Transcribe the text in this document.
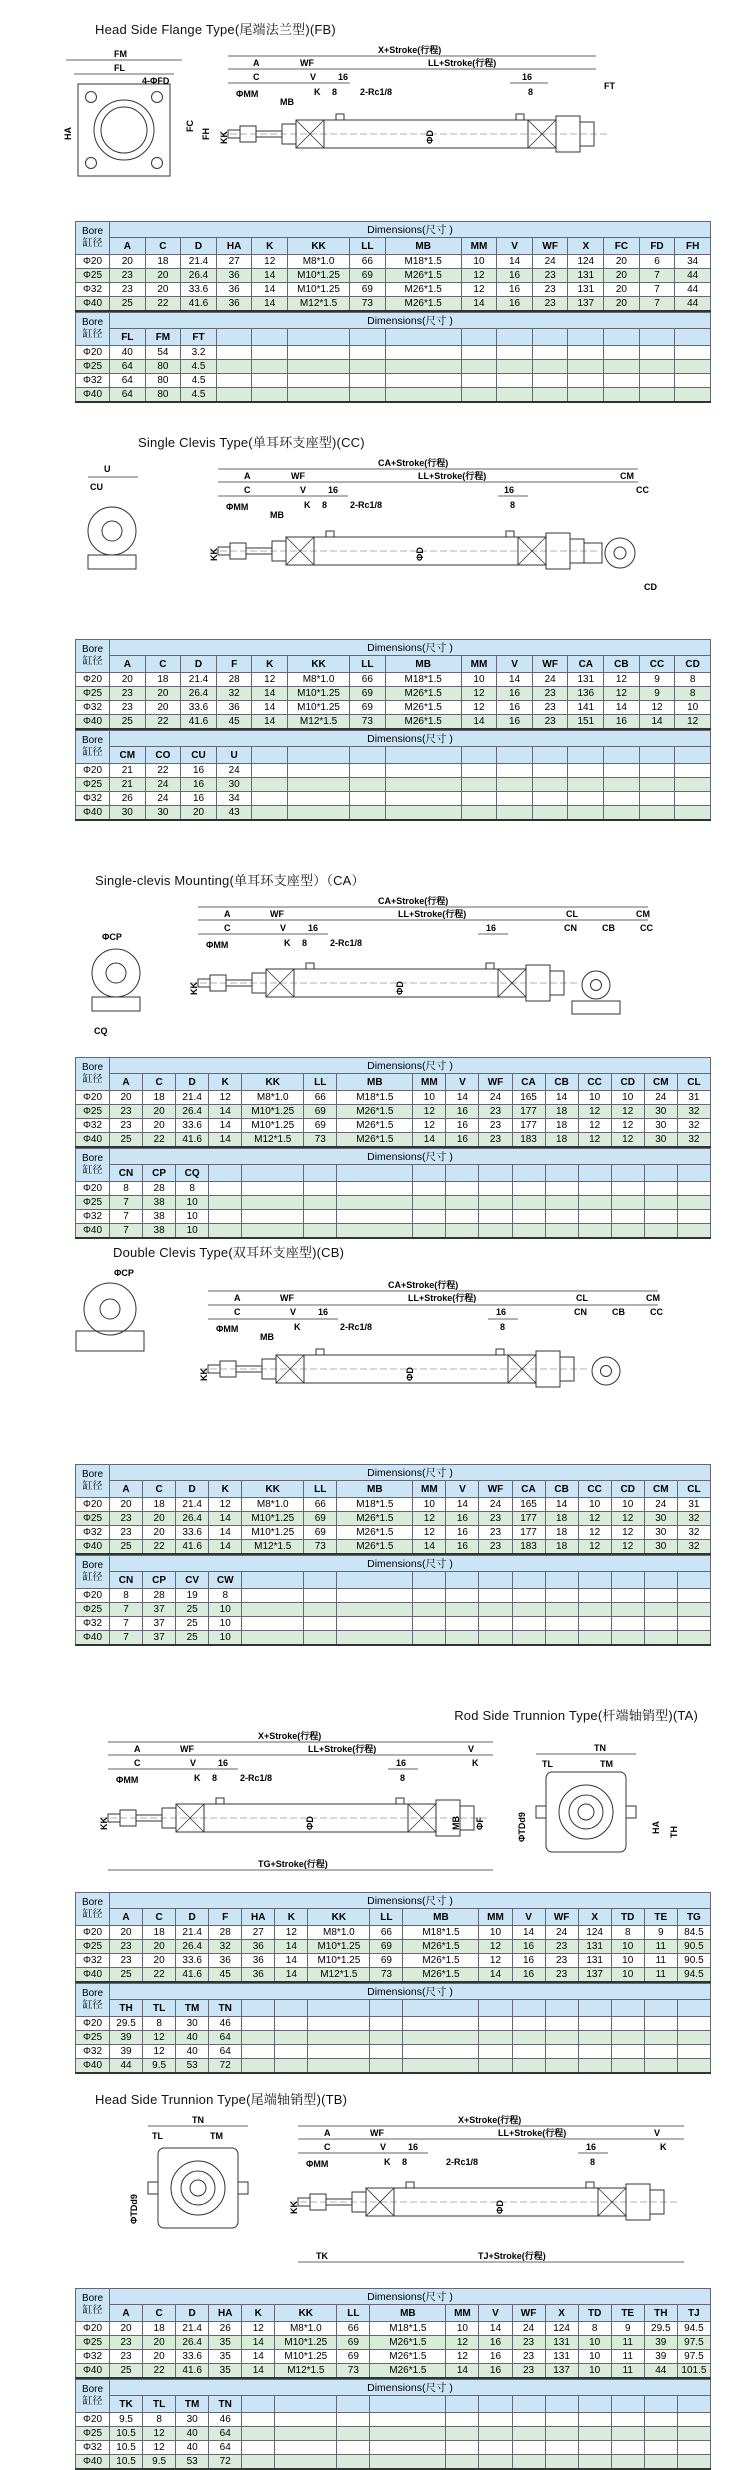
Head Side Flange Type(尾端法兰型)(FB)
FM
FL
4-ΦFD
HA
FC
FH
X+Stroke(行程)
A	WF	LL+Stroke(行程)
C	V 16
ΦMM
MB
K 8	2-Rc1/8
16
8
FT
KK	ΦD
Bore
缸径	Dimensions(尺寸 )														
	A	C	D	HA	K	KK	LL	MB	MM	V	WF	X	FC	FD	FH
Φ20	20	18	21.4	27	12	M8*1.0	66	M18*1.5	10	14	24	124	20	6	34
Φ25	23	20	26.4	36	14	M10*1.25	69	M26*1.5	12	16	23	131	20	7	44
Φ32	23	20	33.6	36	14	M10*1.25	69	M26*1.5	12	16	23	131	20	7	44
Φ40	25	22	41.6	36	14	M12*1.5	73	M26*1.5	14	16	23	137	20	7	44
Bore
缸径	Dimensions(尺寸 )														
	FL	FM	FT												
Φ20	40	54	3.2												
Φ25	64	80	4.5												
Φ32	64	80	4.5												
Φ40	64	80	4.5												
Single Clevis Type(单耳环支座型)(CC)
U
CU
CA+Stroke(行程)
A	WF	LL+Stroke(行程)	CM
C	V 16	16	CC
ΦMM
MB
K 8	2-Rc1/8	8
KK	ΦD
CD
Bore
缸径	Dimensions(尺寸 )														
	A	C	D	F	K	KK	LL	MB	MM	V	WF	CA	CB	CC	CD
Φ20	20	18	21.4	28	12	M8*1.0	66	M18*1.5	10	14	24	131	12	9	8
Φ25	23	20	26.4	32	14	M10*1.25	69	M26*1.5	12	16	23	136	12	9	8
Φ32	23	20	33.6	36	14	M10*1.25	69	M26*1.5	12	16	23	141	14	12	10
Φ40	25	22	41.6	45	14	M12*1.5	73	M26*1.5	14	16	23	151	16	14	12
Bore
缸径	Dimensions(尺寸 )														
	CM	CO	CU	U											
Φ20	21	22	16	24											
Φ25	21	24	16	30											
Φ32	26	24	16	34											
Φ40	30	30	20	43											
Single-clevis Mounting(单耳环支座型）（CA）
ΦCP
CQ
CA+Stroke(行程)
A	WF	LL+Stroke(行程)	CL	CM
C	V 16	16	CN	CB	CC
ΦMM	K 8	2-Rc1/8
KK	ΦD
Bore
缸径	Dimensions(尺寸 )															
	A	C	D	K	KK	LL	MB	MM	V	WF	CA	CB	CC	CD	CM	CL
Φ20	20	18	21.4	12	M8*1.0	66	M18*1.5	10	14	24	165	14	10	10	24	31
Φ25	23	20	26.4	14	M10*1.25	69	M26*1.5	12	16	23	177	18	12	12	30	32
Φ32	23	20	33.6	14	M10*1.25	69	M26*1.5	12	16	23	177	18	12	12	30	32
Φ40	25	22	41.6	14	M12*1.5	73	M26*1.5	14	16	23	183	18	12	12	30	32
Bore
缸径	Dimensions(尺寸 )															
	CN	CP	CQ													
Φ20	8	28	8													
Φ25	7	38	10													
Φ32	7	38	10													
Φ40	7	38	10													
Double Clevis Type(双耳环支座型)(CB)
ΦCP
CA+Stroke(行程)
A	WF	LL+Stroke(行程)	CL	CM
C	V 16	16	CN	CB	CC
ΦMM
MB
K	2-Rc1/8	8
KK	ΦD
Bore
缸径	Dimensions(尺寸 )															
	A	C	D	K	KK	LL	MB	MM	V	WF	CA	CB	CC	CD	CM	CL
Φ20	20	18	21.4	12	M8*1.0	66	M18*1.5	10	14	24	165	14	10	10	24	31
Φ25	23	20	26.4	14	M10*1.25	69	M26*1.5	12	16	23	177	18	12	12	30	32
Φ32	23	20	33.6	14	M10*1.25	69	M26*1.5	12	16	23	177	18	12	12	30	32
Φ40	25	22	41.6	14	M12*1.5	73	M26*1.5	14	16	23	183	18	12	12	30	32
Bore
缸径	Dimensions(尺寸 )															
	CN	CP	CV	CW												
Φ20	8	28	19	8												
Φ25	7	37	25	10												
Φ32	7	37	25	10												
Φ40	7	37	25	10												
Rod Side Trunnion Type(杆端轴销型)(TA)
X+Stroke(行程)
A	WF	LL+Stroke(行程)	V
C	V 16	16	K
ΦMM	K 8	2-Rc1/8	8
KK	ΦD	MB ΦF
TG+Stroke(行程)
TN
TL	TM
ΦTDd9	HA TH
Bore
缸径	Dimensions(尺寸 )															
	A	C	D	F	HA	K	KK	LL	MB	MM	V	WF	X	TD	TE	TG
Φ20	20	18	21.4	28	27	12	M8*1.0	66	M18*1.5	10	14	24	124	8	9	84.5
Φ25	23	20	26.4	32	36	14	M10*1.25	69	M26*1.5	12	16	23	131	10	11	90.5
Φ32	23	20	33.6	36	36	14	M10*1.25	69	M26*1.5	12	16	23	131	10	11	90.5
Φ40	25	22	41.6	45	36	14	M12*1.5	73	M26*1.5	14	16	23	137	10	11	94.5
Bore
缸径	Dimensions(尺寸 )															
	TH	TL	TM	TN												
Φ20	29.5	8	30	46												
Φ25	39	12	40	64												
Φ32	39	12	40	64												
Φ40	44	9.5	53	72												
Head Side Trunnion Type(尾端轴销型)(TB)
TN
TL	TM
ΦTDd9
X+Stroke(行程)
A	WF	LL+Stroke(行程)	V
C	V 16
2-Rc1/8
16	K
ΦMM	K 8	8
KK	ΦD
TJ+Stroke(行程)
TK
Bore
缸径	Dimensions(尺寸 )															
	A	C	D	HA	K	KK	LL	MB	MM	V	WF	X	TD	TE	TH	TJ
Φ20	20	18	21.4	26	12	M8*1.0	66	M18*1.5	10	14	24	124	8	9	29.5	94.5
Φ25	23	20	26.4	35	14	M10*1.25	69	M26*1.5	12	16	23	131	10	11	39	97.5
Φ32	23	20	33.6	35	14	M10*1.25	69	M26*1.5	12	16	23	131	10	11	39	97.5
Φ40	25	22	41.6	35	14	M12*1.5	73	M26*1.5	14	16	23	137	10	11	44	101.5
Bore
缸径	Dimensions(尺寸 )															
	TK	TL	TM	TN												
Φ20	9.5	8	30	46												
Φ25	10.5	12	40	64												
Φ32	10.5	12	40	64												
Φ40	10.5	9.5	53	72												
